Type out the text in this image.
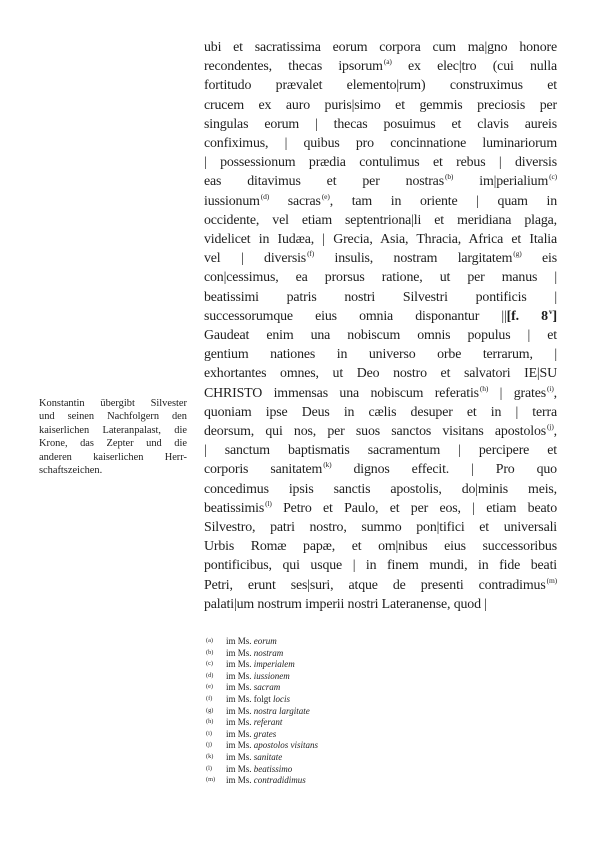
ubi et sacratissima eorum corpora cum ma|gno honore
recondentes, thecas ipsorum$^{(a)}$ ex elec|tro (cui nulla
fortitudo prævalet elemento|rum) construximus et
crucem ex auro puris|simo et gemmis preciosis per
singulas eorum | thecas posuimus et clavis aureis
confiximus, | quibus pro concinnatione luminariorum
| possessionum prædia contulimus et rebus | diversis
eas ditavimus et per nostras$^{(b)}$ im|perialium$^{(c)}$
iussionum$^{(d)}$ sacras$^{(e)}$, tam in oriente | quam in
occidente, vel etiam septentriona|li et meridiana plaga,
videlicet in Iudæa, | Grecia, Asia, Thracia, Africa et Italia
vel | diversis$^{(f)}$ insulis, nostram largitatem$^{(g)}$ eis
con|cessimus, ea prorsus ratione, ut per manus |
beatissimi patris nostri Silvestri pontificis |
successorumque eius omnia disponantur ||[f. 8$^v$]
Gaudeat enim una nobiscum omnis populus | et
gentium nationes in universo orbe terrarum, |
exhortantes omnes, ut Deo nostro et salvatori IE|SU
CHRISTO immensas una nobiscum referatis$^{(h)}$ | grates$^{(i)}$,
quoniam ipse Deus in cælis desuper et in | terra
deorsum, qui nos, per suos sanctos visitans apostolos$^{(j)}$,
| sanctum baptismatis sacramentum | percipere et
corporis sanitatem$^{(k)}$ dignos effecit. | Pro quo
concedimus ipsis sanctis apostolis, do|minis meis,
beatissimis$^{(l)}$ Petro et Paulo, et per eos, | etiam beato
Silvestro, patri nostro, summo pon|tifici et universali
Urbis Romæ papæ, et om|nibus eius successoribus
pontificibus, qui usque | in finem mundi, in fide beati
Petri, erunt ses|suri, atque de presenti contradimus$^{(m)}$
palati|um nostrum imperii nostri Lateranense, quod |
Konstantin übergibt Silvester
und seinen Nachfolgern den
kaiserlichen Lateranpalast, die
Krone, das Zepter und die
anderen kaiserlichen Herr-
schaftszeichen.
(a)	im Ms. eorum
(b)	im Ms. nostram
(c)	im Ms. imperialem
(d)	im Ms. iussionem
(e)	im Ms. sacram
(f)	im Ms. folgt locis
(g)	im Ms. nostra largitate
(h)	im Ms. referant
(i)	im Ms. grates
(j)	im Ms. apostolos visitans
(k)	im Ms. sanitate
(l)	im Ms. beatissimo
(m)	im Ms. contradidimus
